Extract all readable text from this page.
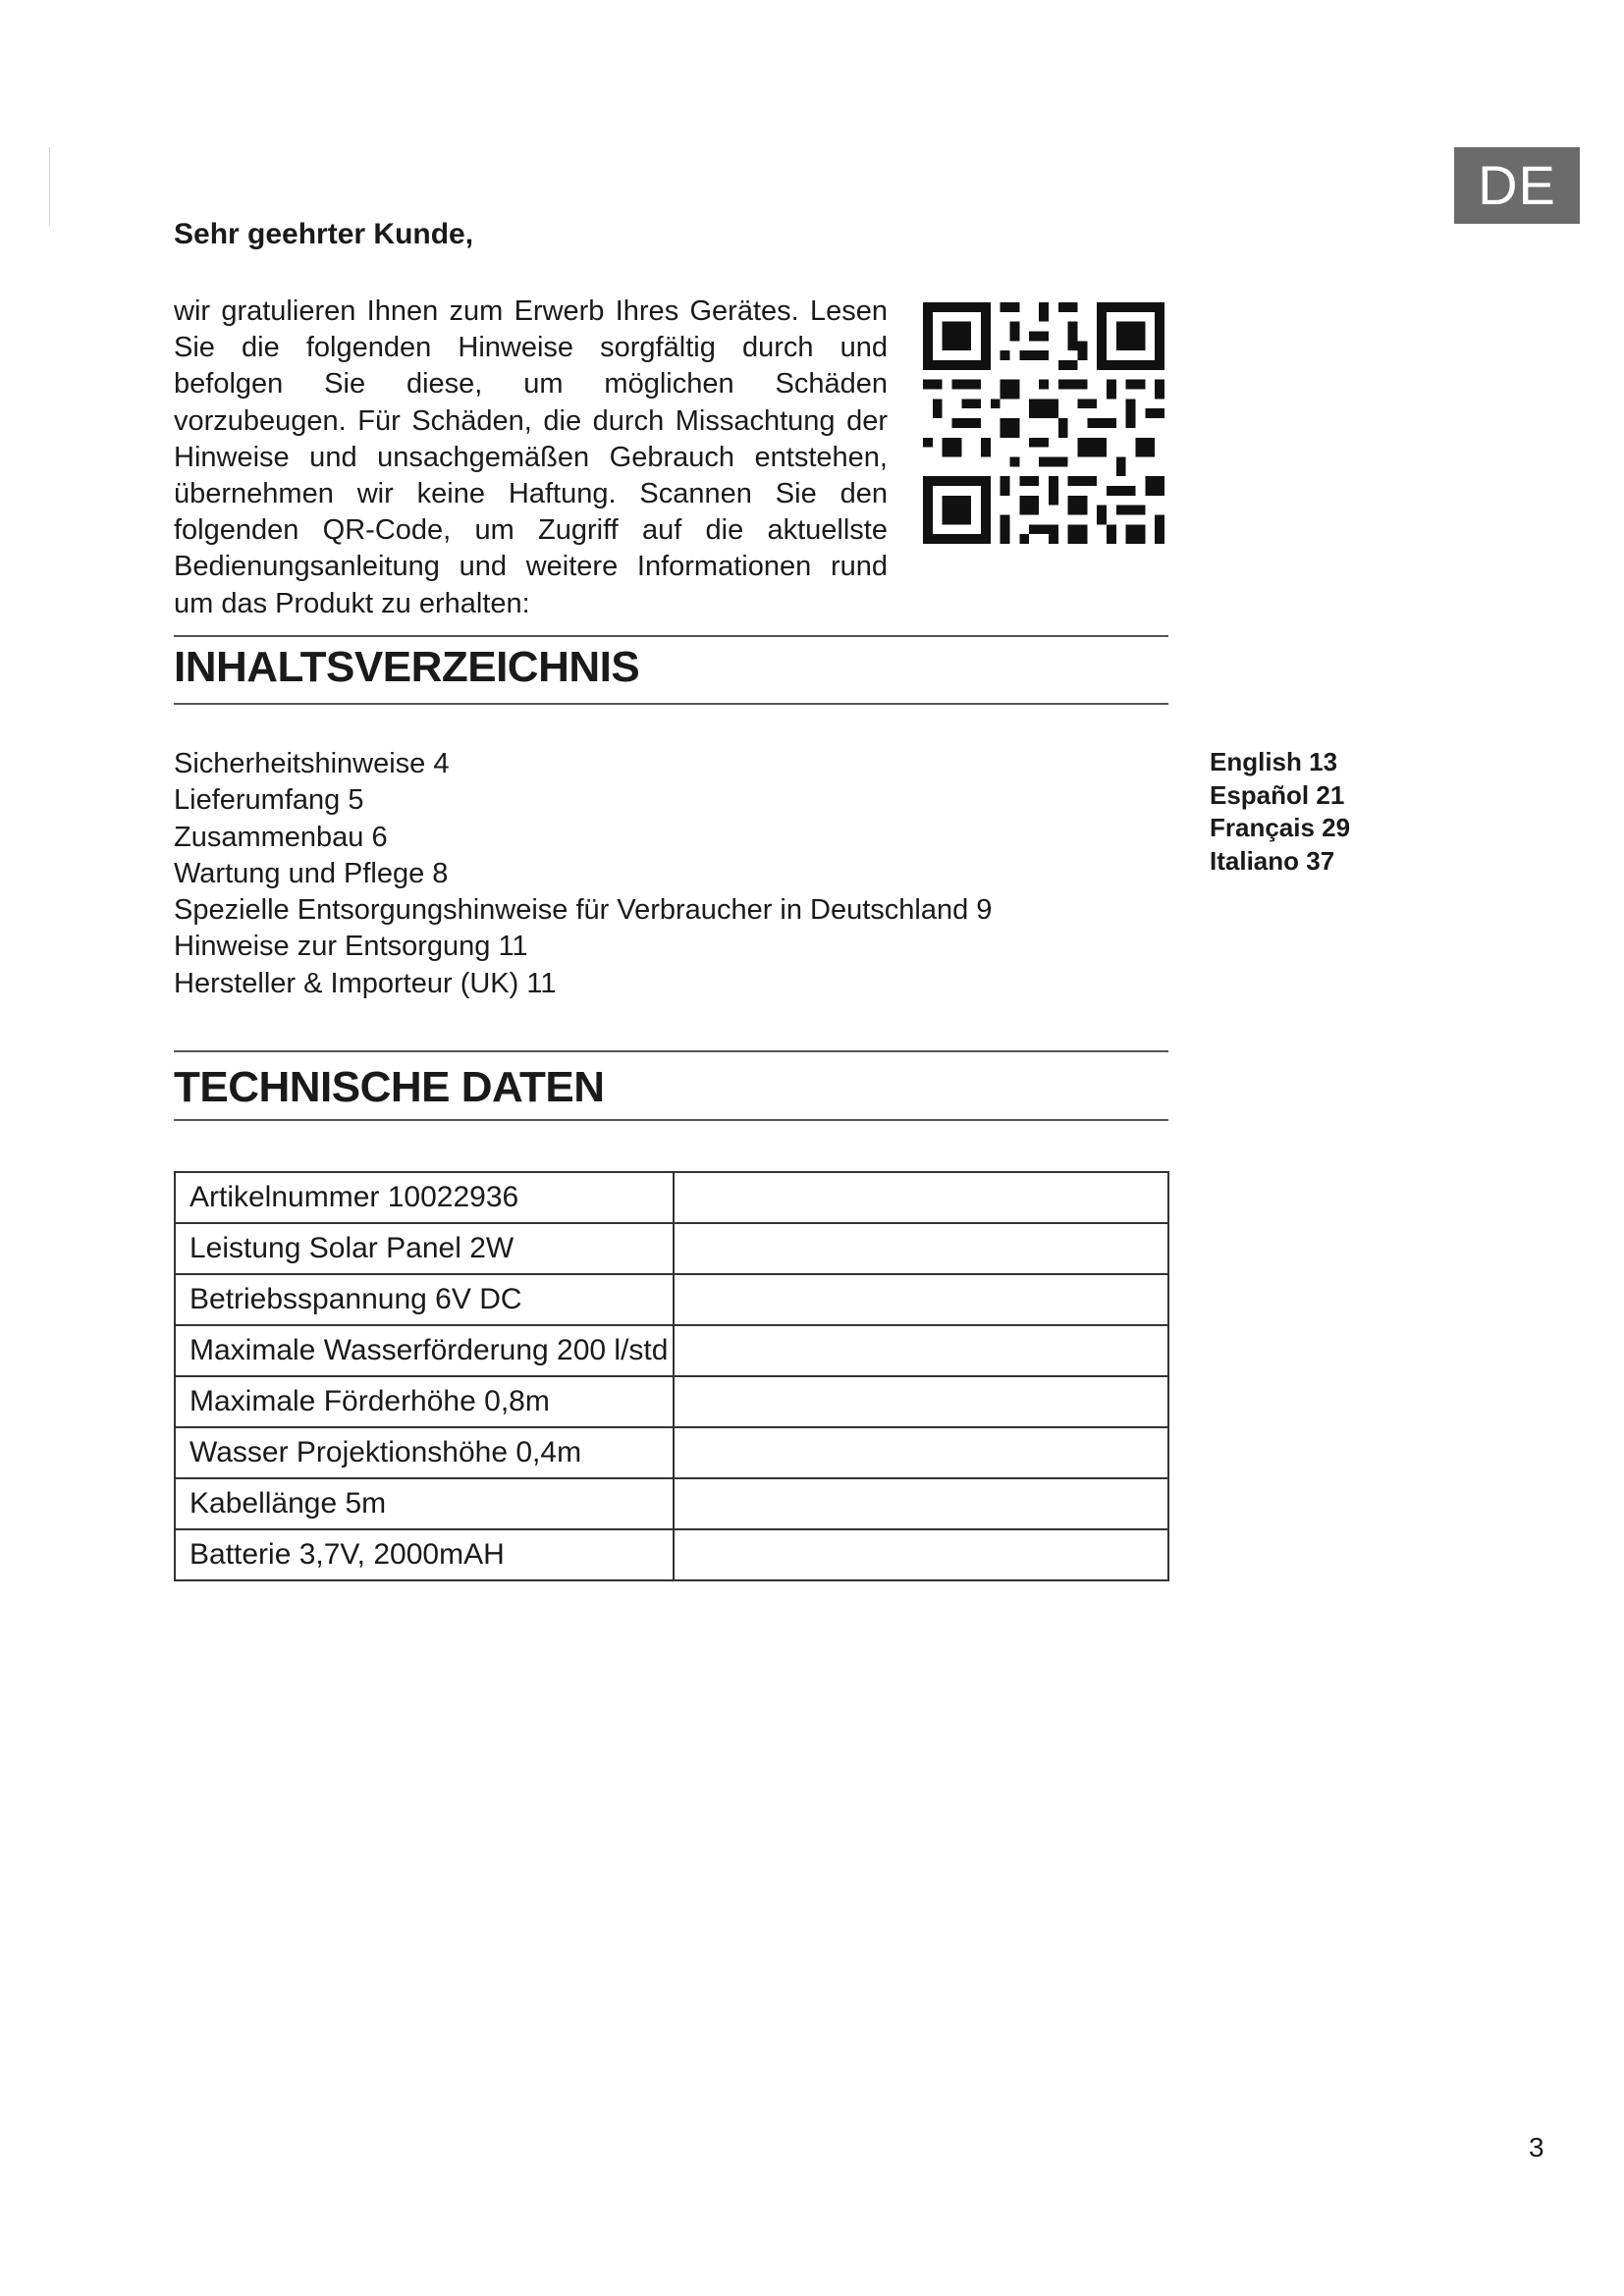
DE
Sehr geehrter Kunde,

wir gratulieren Ihnen zum Erwerb Ihres Gerätes. Lesen Sie die folgenden Hinweise sorgfältig durch und befolgen Sie diese, um möglichen Schäden vorzubeugen. Für Schäden, die durch Missachtung der Hinweise und unsachgemäßen Gebrauch entstehen, übernehmen wir keine Haftung. Scannen Sie den folgenden QR-Code, um Zugriff auf die aktuellste Bedienungsanleitung und weitere Informationen rund um das Produkt zu erhalten:

INHALTSVERZEICHNIS
Sicherheitshinweise 4
Lieferumfang 5
Zusammenbau 6
Wartung und Pflege 8
Spezielle Entsorgungshinweise für Verbraucher in Deutschland 9
Hinweise zur Entsorgung 11
Hersteller & Importeur (UK) 11
English 13
Español 21
Français 29
Italiano 37
TECHNISCHE DATEN
Artikelnummer 10022936	
Leistung Solar Panel 2W	
Betriebsspannung 6V DC	
Maximale Wasserförderung 200 l/std	
Maximale Förderhöhe 0,8m	
Wasser Projektionshöhe 0,4m	
Kabellänge 5m	
Batterie 3,7V, 2000mAH	
3
